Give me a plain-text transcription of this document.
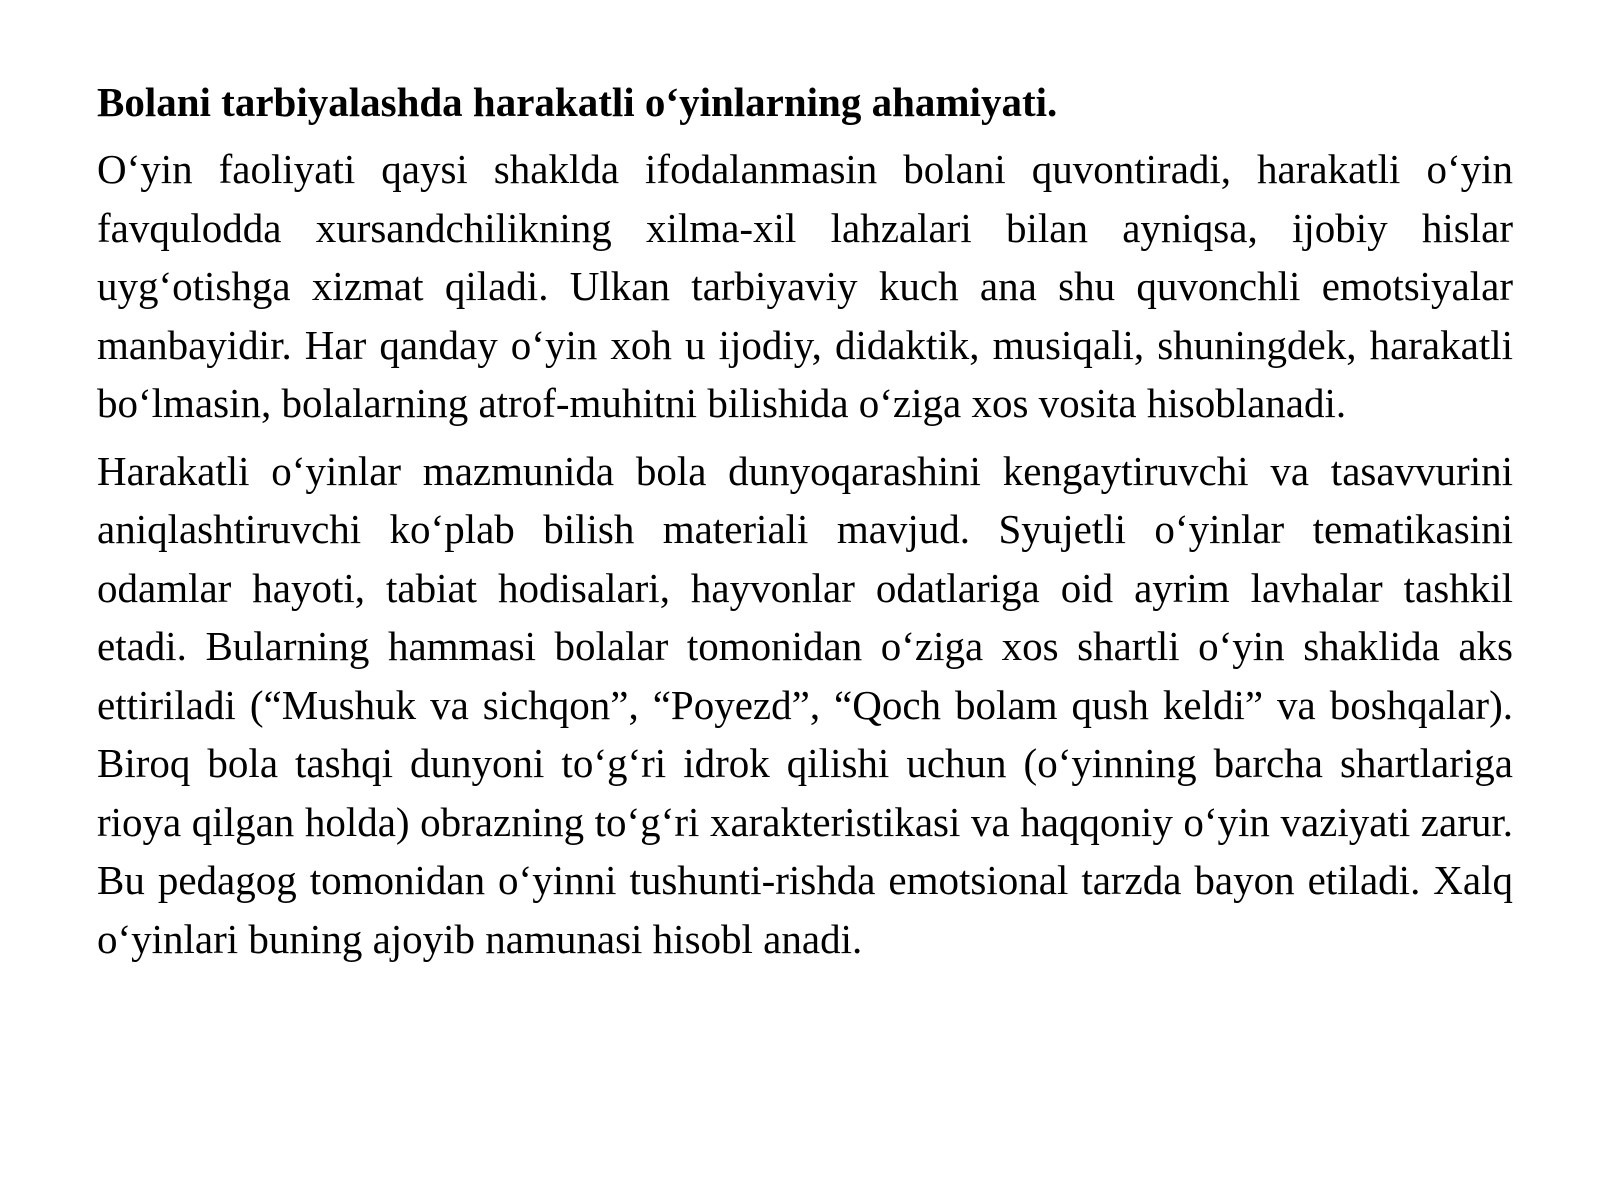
Bolani tarbiyalashda harakatli o‘yinlarning ahamiyati.

O‘yin faoliyati qaysi shaklda ifodalanmasin bolani quvontiradi, harakatli o‘yin favqulodda xursandchilikning xilma-xil lahzalari bilan ayniqsa, ijobiy hislar uyg‘otishga xizmat qiladi. Ulkan tarbiyaviy kuch ana shu quvonchli emotsiyalar manbayidir. Har qanday o‘yin xoh u ijodiy, didaktik, musiqali, shuningdek, harakatli bo‘lmasin, bolalarning atrof-muhitni bilishida o‘ziga xos vosita hisoblanadi.

Harakatli o‘yinlar mazmunida bola dunyoqarashini kengaytiruvchi va tasavvurini aniqlashtiruvchi ko‘plab bilish materiali mavjud. Syujetli o‘yinlar tematikasini odamlar hayoti, tabiat hodisalari, hayvonlar odatlariga oid ayrim lavhalar tashkil etadi. Bularning hammasi bolalar tomonidan o‘ziga xos shartli o‘yin shaklida aks ettiriladi (“Mushuk va sichqon”, “Poyezd”, “Qoch bolam qush keldi” va boshqalar). Biroq bola tashqi dunyoni to‘g‘ri idrok qilishi uchun (o‘yinning barcha shartlariga rioya qilgan holda) obrazning to‘g‘ri xarakteristikasi va haqqoniy o‘yin vaziyati zarur. Bu pedagog tomonidan o‘yinni tushunti-rishda emotsional tarzda bayon etiladi. Xalq o‘yinlari buning ajoyib namunasi hisobl anadi.
